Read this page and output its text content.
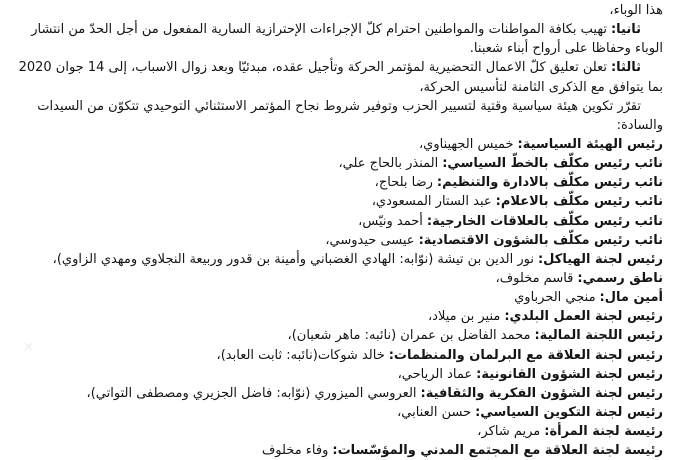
هذا الوباء،
ثانيا:تهيب بكافة المواطنات والمواطنين احترام كلّ الإجراءات الإحترازية السارية المفعول من أجل الحدّ من انتشار
الوباء وحفاظا على أرواح أبناء شعبنا.
ثالثا:تعلن تعليق كلّ الاعمال التحضيرية لمؤتمر الحركة وتأجيل عقده، مبدئيّا وبعد زوال الاسباب، إلى 14 جوان 2020
بما يتوافق مع الذكرى الثامنة لتأسيس الحركة،
تقرّر تكوين هيئة سياسية وقتية لتسيير الحزب وتوفير شروط نجاح المؤتمر الاستثنائي التوحيدي تتكوّن من السيدات
والسادة:
رئيس الهيئة السياسية:خميس الجهيناوي،
نائب رئيس مكلّف بالخطّ السياسي:المنذر بالحاج علي،
نائب رئيس مكلّف بالادارة والتنظيم:رضا بلحاج،
نائب رئيس مكلّف بالاعلام:عبد الستار المسعودي،
نائب رئيس مكلّف بالعلاقات الخارجية:أحمد ونيّس،
نائب رئيس مكلّف بالشؤون الاقتصادية:عيسى حيدوسي،
رئيس لجنة الهياكل:نور الدين بن تيشة (نوّابه: الهادي الغضباني وأمينة بن قدور وربيعة النجلاوي ومهدي الزاوي)،
ناطق رسمي:قاسم مخلوف،
أمين مال:منجي الحرباوي
رئيس لجنة العمل البلدي:منير بن ميلاد،
رئيس اللجنة المالية:محمد الفاضل بن عمران (نائبه: ماهر شعبان)،
رئيس لجنة العلاقة مع البرلمان والمنظمات:خالد شوكات(نائبه: ثابت العابد)،
رئيس لجنة الشؤون القانونية:عماد الرياحي،
رئيس لجنة الشؤون الفكرية والثقافية:العروسي الميزوري (نوّابه: فاضل الجزيري ومصطفى التواتي)،
رئيس لجنة التكوين السياسي:حسن العنابي،
رئيسة لجنة المرأة:مريم شاكر،
رئيسة لجنة العلاقة مع المجتمع المدني والمؤسّسات:وفاء مخلوف
